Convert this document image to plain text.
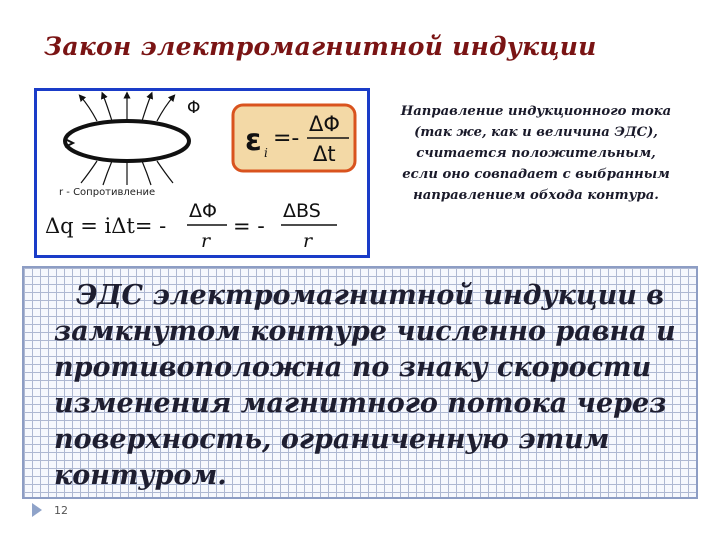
Закон электромагнитной индукции
Φ
r - Сопротивление
ε i
=-
ΔΦ
Δt
Δq = iΔt= -
ΔΦ
r
= -
ΔBS
r
Направление индукционного тока
(так же, как и величина ЭДС),
считается положительным,
если оно совпадает с выбранным
направлением обхода контура.
ЭДС электромагнитной индукции в
замкнутом контуре численно равна и
противоположна по знаку скорости
изменения магнитного потока через
поверхность, ограниченную этим
контуром.
12
